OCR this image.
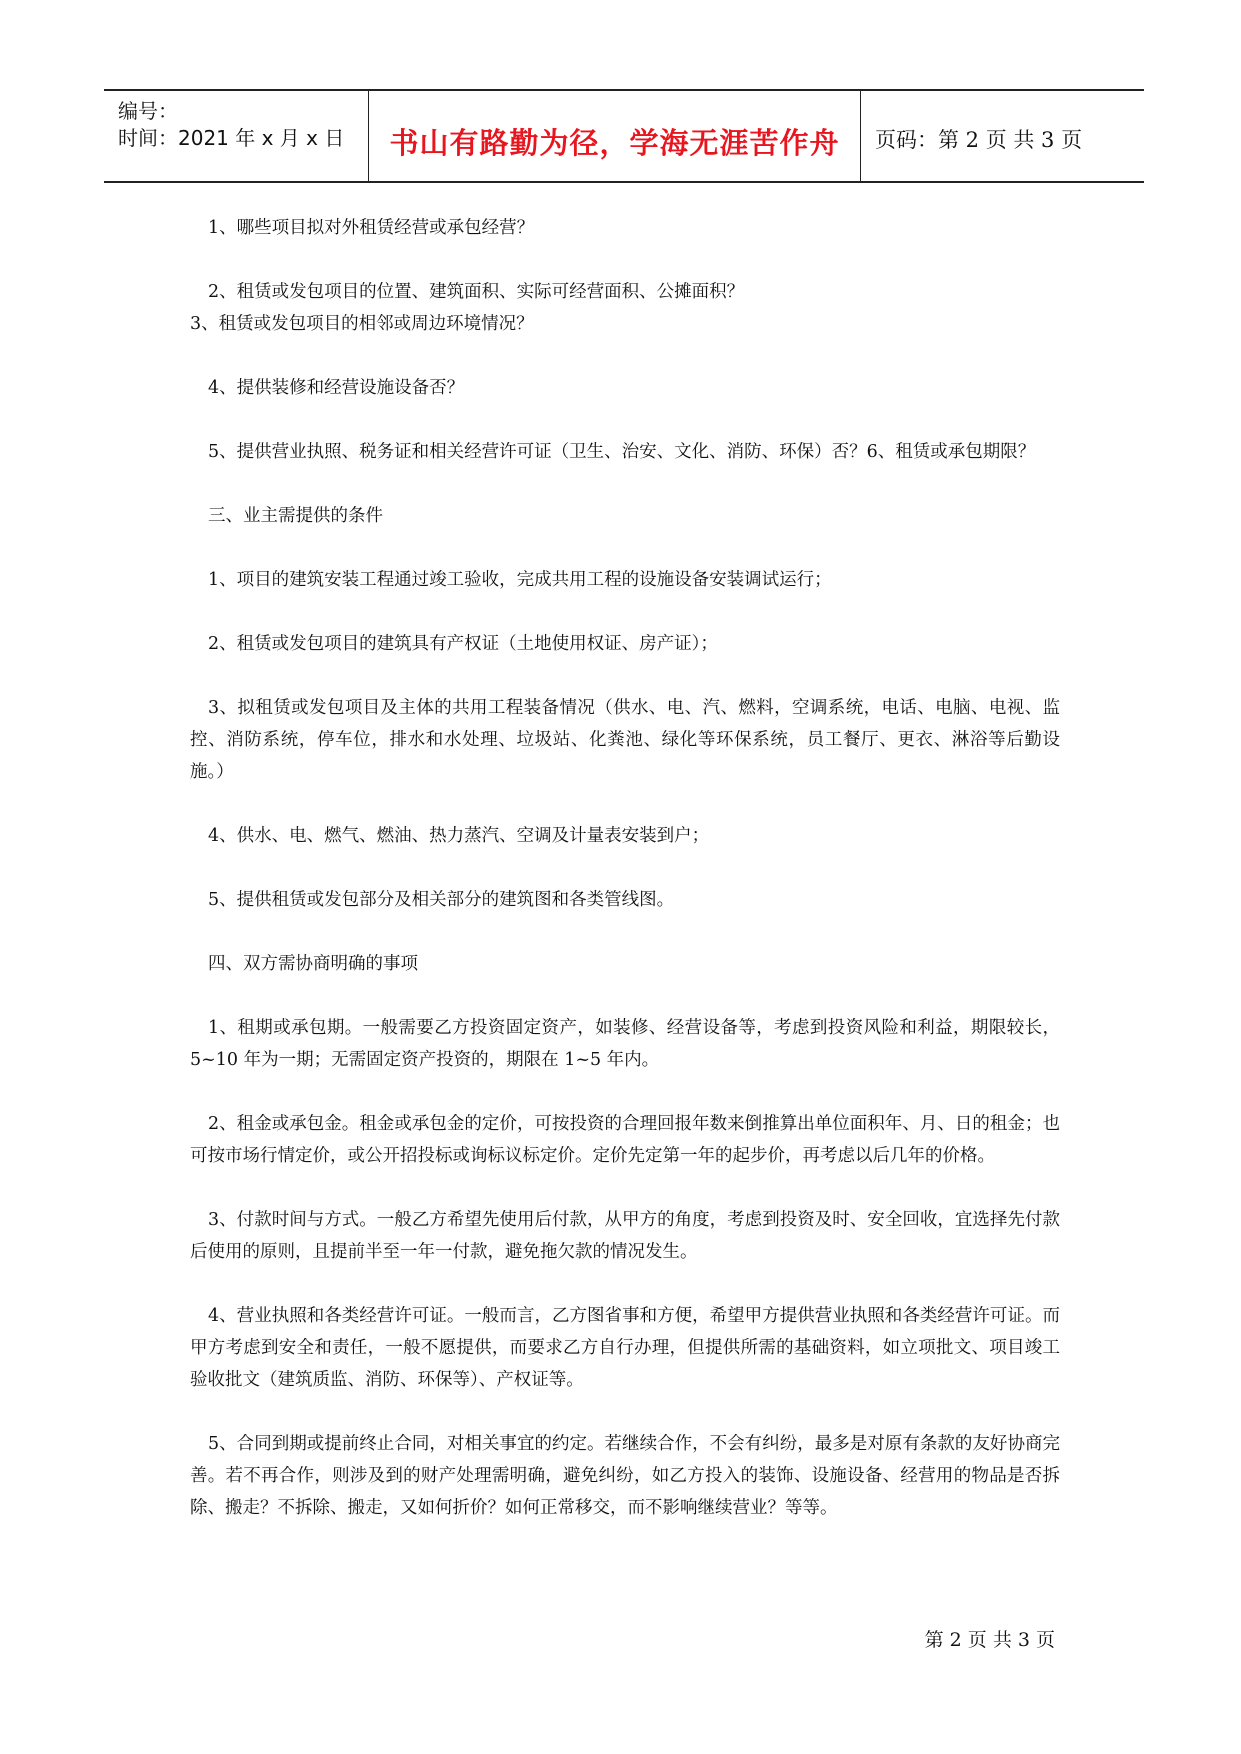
编号：
时间：2021 年 x 月 x 日	书山有路勤为径，学海无涯苦作舟	页码：第 2 页 共 3 页

1、哪些项目拟对外租赁经营或承包经营？

2、租赁或发包项目的位置、建筑面积、实际可经营面积、公摊面积？

3、租赁或发包项目的相邻或周边环境情况？

4、提供装修和经营设施设备否？

5、提供营业执照、税务证和相关经营许可证（卫生、治安、文化、消防、环保）否？6、租赁或承包期限？

三、业主需提供的条件

1、项目的建筑安装工程通过竣工验收，完成共用工程的设施设备安装调试运行；

2、租赁或发包项目的建筑具有产权证（土地使用权证、房产证）；

3、拟租赁或发包项目及主体的共用工程装备情况（供水、电、汽、燃料，空调系统，电话、电脑、电视、监控、消防系统，停车位，排水和水处理、垃圾站、化粪池、绿化等环保系统，员工餐厅、更衣、淋浴等后勤设施。）

4、供水、电、燃气、燃油、热力蒸汽、空调及计量表安装到户；

5、提供租赁或发包部分及相关部分的建筑图和各类管线图。

四、双方需协商明确的事项

1、租期或承包期。一般需要乙方投资固定资产，如装修、经营设备等，考虑到投资风险和利益，期限较长，5~10 年为一期；无需固定资产投资的，期限在 1~5 年内。

2、租金或承包金。租金或承包金的定价，可按投资的合理回报年数来倒推算出单位面积年、月、日的租金；也可按市场行情定价，或公开招投标或询标议标定价。定价先定第一年的起步价，再考虑以后几年的价格。

3、付款时间与方式。一般乙方希望先使用后付款，从甲方的角度，考虑到投资及时、安全回收，宜选择先付款后使用的原则，且提前半至一年一付款，避免拖欠款的情况发生。

4、营业执照和各类经营许可证。一般而言，乙方图省事和方便，希望甲方提供营业执照和各类经营许可证。而甲方考虑到安全和责任，一般不愿提供，而要求乙方自行办理，但提供所需的基础资料，如立项批文、项目竣工验收批文（建筑质监、消防、环保等）、产权证等。

5、合同到期或提前终止合同，对相关事宜的约定。若继续合作，不会有纠纷，最多是对原有条款的友好协商完善。若不再合作，则涉及到的财产处理需明确，避免纠纷，如乙方投入的装饰、设施设备、经营用的物品是否拆除、搬走？不拆除、搬走，又如何折价？如何正常移交，而不影响继续营业？等等。

第 2 页 共 3 页
